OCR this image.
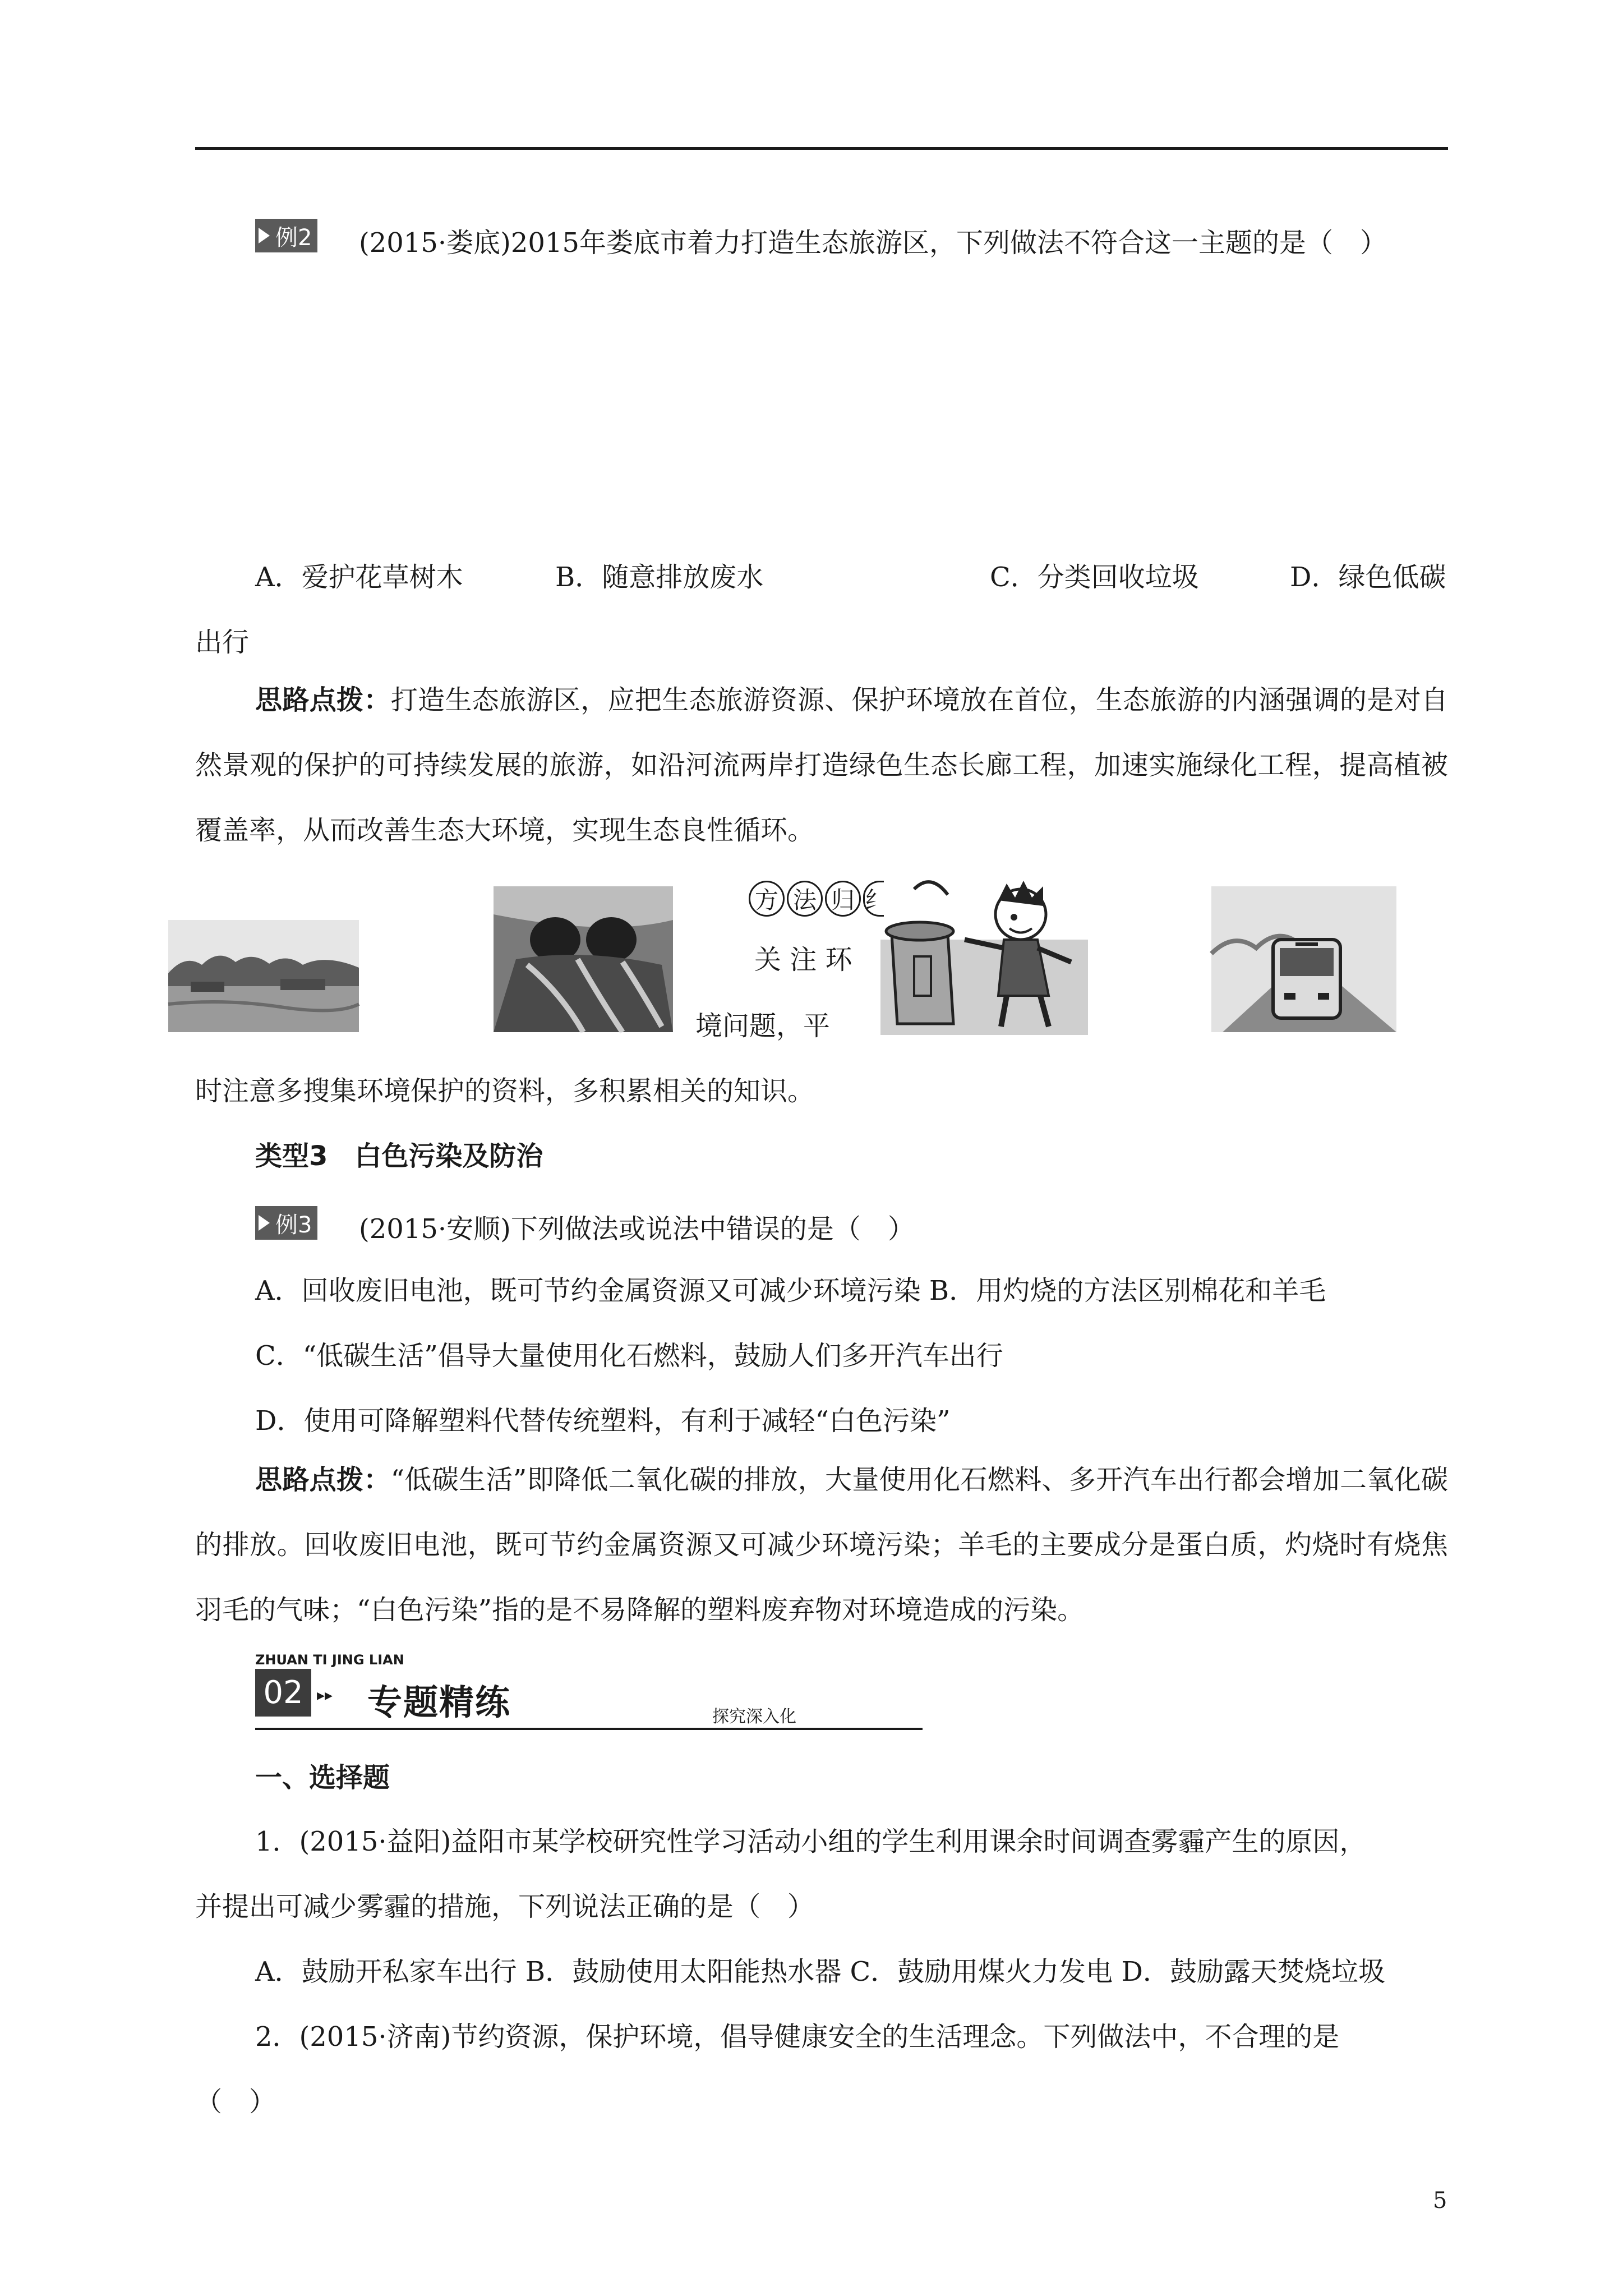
例2 (2015·娄底)2015年娄底市着力打造生态旅游区，下列做法不符合这一主题的是（　）
A．爱护花草树木	B．随意排放废水	C．分类回收垃圾	D．绿色低碳
出行
思路点拨：打造生态旅游区，应把生态旅游资源、保护环境放在首位，生态旅游的内涵强调的是对自然景观的保护的可持续发展的旅游，如沿河流两岸打造绿色生态长廊工程，加速实施绿化工程，提高植被覆盖率，从而改善生态大环境，实现生态良性循环。
方 法 归 纟
关 注 环
境问题，平
时注意多搜集环境保护的资料，多积累相关的知识。
类型3　白色污染及防治
例3 (2015·安顺)下列做法或说法中错误的是（　）
A．回收废旧电池，既可节约金属资源又可减少环境污染 B．用灼烧的方法区别棉花和羊毛
C．“低碳生活”倡导大量使用化石燃料，鼓励人们多开汽车出行
D．使用可降解塑料代替传统塑料，有利于减轻“白色污染”
思路点拨：“低碳生活”即降低二氧化碳的排放，大量使用化石燃料、多开汽车出行都会增加二氧化碳的排放。回收废旧电池，既可节约金属资源又可减少环境污染；羊毛的主要成分是蛋白质，灼烧时有烧焦羽毛的气味；“白色污染”指的是不易降解的塑料废弃物对环境造成的污染。
ZHUAN TI JING LIAN
02 ▸▸ 专题精练	探究深入化
一、选择题
1．(2015·益阳)益阳市某学校研究性学习活动小组的学生利用课余时间调查雾霾产生的原因，
并提出可减少雾霾的措施，下列说法正确的是（　）
A．鼓励开私家车出行 B．鼓励使用太阳能热水器 C．鼓励用煤火力发电 D．鼓励露天焚烧垃圾
2．(2015·济南)节约资源，保护环境，倡导健康安全的生活理念。下列做法中，不合理的是
（　）
5
